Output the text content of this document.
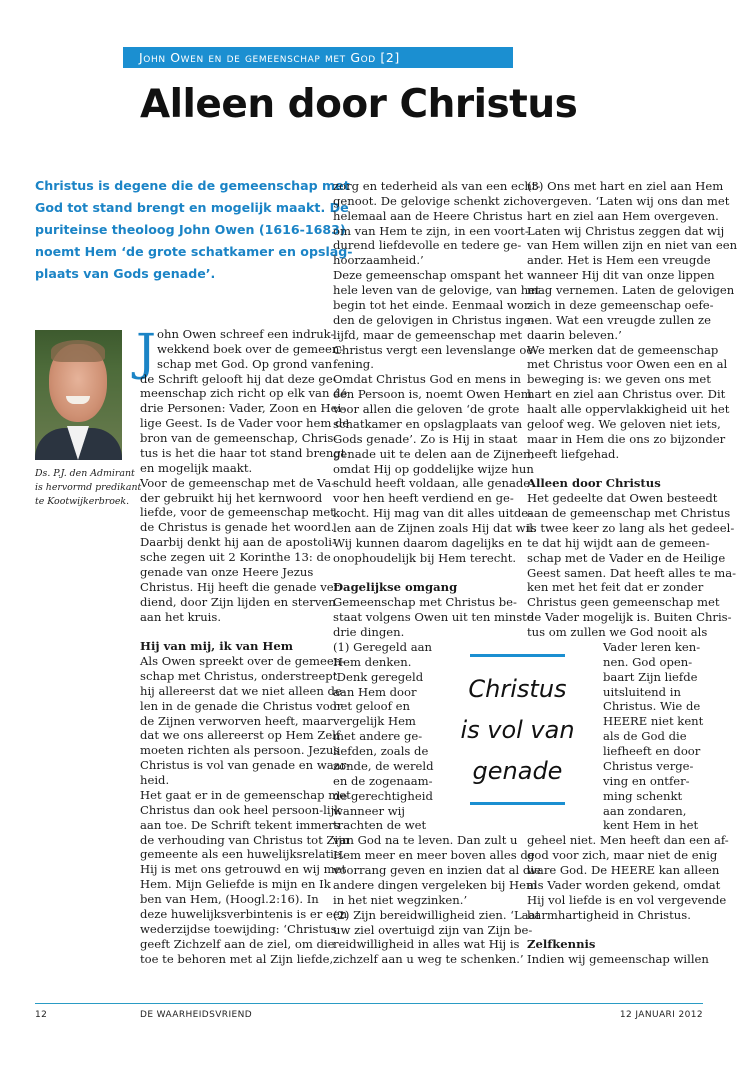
John Owen en de gemeenschap met God [2]
Alleen door Christus
Christus is degene die de gemeenschap met
God tot stand brengt en mogelijk maakt. De
puriteinse theoloog John Owen (1616-1683)
noemt Hem ‘de grote schatkamer en opslag-
plaats van Gods genade’.
Ds. P.J. den Admirant
is hervormd predikant
te Kootwijkerbroek.
J ohn Owen schreef een indruk-
wekkend boek over de gemeen-
schap met God. Op grond van
de Schrift gelooft hij dat deze ge-
meenschap zich richt op elk van de
drie Personen: Vader, Zoon en Hei-
lige Geest. Is de Vader voor hem de
bron van de gemeenschap, Chris-
tus is het die haar tot stand brengt
en mogelijk maakt.
Voor de gemeenschap met de Va-
der gebruikt hij het kernwoord
liefde, voor de gemeenschap met
de Christus is genade het woord.
Daarbij denkt hij aan de apostoli-
sche zegen uit 2 Korinthe 13: de
genade van onze Heere Jezus
Christus. Hij heeft die genade ver-
diend, door Zijn lijden en sterven
aan het kruis.
Hij van mij, ik van Hem
Als Owen spreekt over de gemeen-
schap met Christus, onderstreept
hij allereerst dat we niet alleen de-
len in de genade die Christus voor
de Zijnen verworven heeft, maar
dat we ons allereerst op Hem Zelf
moeten richten als persoon. Jezus
Christus is vol van genade en waar-
heid.
Het gaat er in de gemeenschap met
Christus dan ook heel persoon-lijk
aan toe. De Schrift tekent immers
de verhouding van Christus tot Zijn
gemeente als een huwelijksrelatie.
Hij is met ons getrouwd en wij met
Hem. Mijn Geliefde is mijn en Ik
ben van Hem, (Hoogl.2:16). In
deze huwelijksverbintenis is er een
wederzijdse toewijding: ‘Christus
geeft Zichzelf aan de ziel, om die
toe te behoren met al Zijn liefde,
zorg en tederheid als van een echt-
genoot. De gelovige schenkt zich
helemaal aan de Heere Christus
om van Hem te zijn, in een voort-
durend liefdevolle en tedere ge-
hoorzaamheid.’
Deze gemeenschap omspant het
hele leven van de gelovige, van het
begin tot het einde. Eenmaal wor-
den de gelovigen in Christus inge-
lijfd, maar de gemeenschap met
Christus vergt een levenslange oe-
fening.
Omdat Christus God en mens in
één Persoon is, noemt Owen Hem
voor allen die geloven ‘de grote
schatkamer en opslagplaats van
Gods genade’. Zo is Hij in staat
genade uit te delen aan de Zijnen,
omdat Hij op goddelijke wijze hun
schuld heeft voldaan, alle genade
voor hen heeft verdiend en ge-
kocht. Hij mag van dit alles uitde-
len aan de Zijnen zoals Hij dat wil.
Wij kunnen daarom dagelijks en
onophoudelijk bij Hem terecht.
Dagelijkse omgang
Gemeenschap met Christus be-
staat volgens Owen uit ten minste
drie dingen.
(1) Geregeld aan
Hem denken.
‘Denk geregeld
aan Hem door
het geloof en
vergelijk Hem
met andere ge-
liefden, zoals de
zonde, de wereld
en de zogenaam-
de gerechtigheid
wanneer wij
trachten de wet
van God na te leven. Dan zult u
Hem meer en meer boven alles de
voorrang geven en inzien dat al die
andere dingen vergeleken bij Hem
in het niet wegzinken.’
(2) Zijn bereidwilligheid zien. ‘Laat
uw ziel overtuigd zijn van Zijn be-
reidwilligheid in alles wat Hij is
zichzelf aan u weg te schenken.’
(3) Ons met hart en ziel aan Hem
overgeven. ‘Laten wij ons dan met
hart en ziel aan Hem overgeven.
Laten wij Christus zeggen dat wij
van Hem willen zijn en niet van een
ander. Het is Hem een vreugde
wanneer Hij dit van onze lippen
mag vernemen. Laten de gelovigen
zich in deze gemeenschap oefe-
nen. Wat een vreugde zullen ze
daarin beleven.’
We merken dat de gemeenschap
met Christus voor Owen een en al
beweging is: we geven ons met
hart en ziel aan Christus over. Dit
haalt alle oppervlakkigheid uit het
geloof weg. We geloven niet iets,
maar in Hem die ons zo bijzonder
heeft liefgehad.
Alleen door Christus
Het gedeelte dat Owen besteedt
aan de gemeenschap met Christus
is twee keer zo lang als het gedeel-
te dat hij wijdt aan de gemeen-
schap met de Vader en de Heilige
Geest samen. Dat heeft alles te ma-
ken met het feit dat er zonder
Christus geen gemeenschap met
de Vader mogelijk is. Buiten Chris-
tus om zullen we God nooit als
Vader leren ken-
nen. God open-
baart Zijn liefde
uitsluitend in
Christus. Wie de
HEERE niet kent
als de God die
liefheeft en door
Christus verge-
ving en ontfer-
ming schenkt
aan zondaren,
kent Hem in het
geheel niet. Men heeft dan een af-
god voor zich, maar niet de enig
ware God. De HEERE kan alleen
als Vader worden gekend, omdat
Hij vol liefde is en vol vergevende
barmhartigheid in Christus.
Zelfkennis
Indien wij gemeenschap willen
Christus
is vol van
genade
12	DE WAARHEIDSVRIEND	12 JANUARI 2012
